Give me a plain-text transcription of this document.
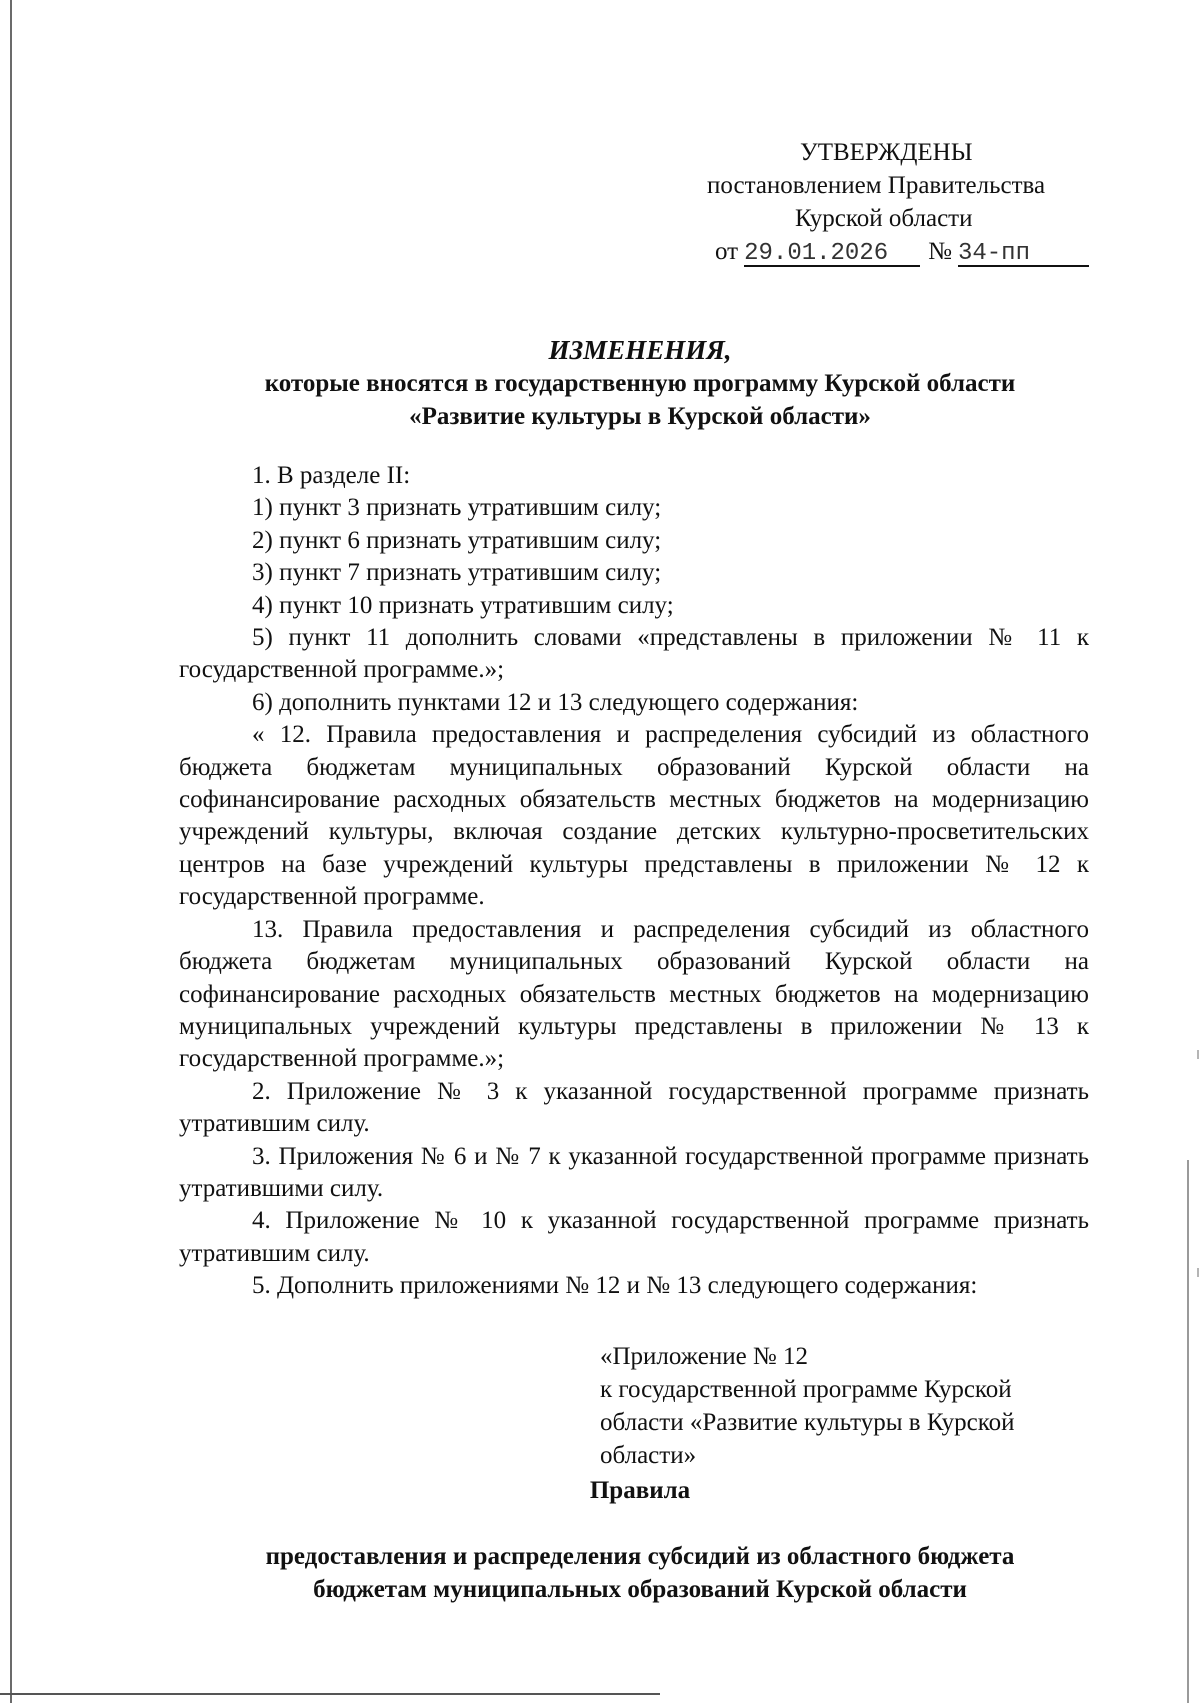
УТВЕРЖДЕНЫ
постановлением Правительства
Курской области
от 29.01.2026 № 34-пп
ИЗМЕНЕНИЯ,
которые вносятся в государственную программу Курской области
«Развитие культуры в Курской области»
1. В разделе II:
1) пункт 3 признать утратившим силу;
2) пункт 6 признать утратившим силу;
3) пункт 7 признать утратившим силу;
4) пункт 10 признать утратившим силу;
5) пункт 11 дополнить словами «представлены в приложении № 11 к государственной программе.»;
6) дополнить пунктами 12 и 13 следующего содержания:
« 12. Правила предоставления и распределения субсидий из областного бюджета бюджетам муниципальных образований Курской области на софинансирование расходных обязательств местных бюджетов на модернизацию учреждений культуры, включая создание детских культурно-просветительских центров на базе учреждений культуры представлены в приложении № 12 к государственной программе.
13. Правила предоставления и распределения субсидий из областного бюджета бюджетам муниципальных образований Курской области на софинансирование расходных обязательств местных бюджетов на модернизацию муниципальных учреждений культуры представлены в приложении № 13 к государственной программе.»;
2. Приложение № 3 к указанной государственной программе признать утратившим силу.
3. Приложения № 6 и № 7 к указанной государственной программе признать утратившими силу.
4. Приложение № 10 к указанной государственной программе признать утратившим силу.
5. Дополнить приложениями № 12 и № 13 следующего содержания:
«Приложение № 12
к государственной программе Курской
области «Развитие культуры в Курской
области»
Правила
предоставления и распределения субсидий из областного бюджета
бюджетам муниципальных образований Курской области
